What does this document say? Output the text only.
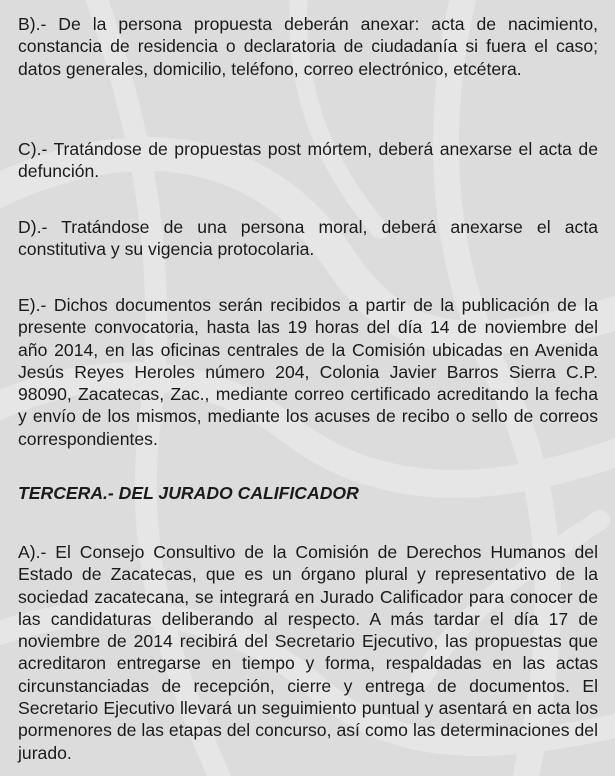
B).- De la persona propuesta deberán anexar: acta de nacimiento, constancia de residencia o declaratoria de ciudadanía si fuera el caso; datos generales, domicilio, teléfono, correo electrónico, etcétera.

C).- Tratándose de propuestas post mórtem, deberá anexarse el acta de defunción.

D).- Tratándose de una persona moral, deberá anexarse el acta constitutiva y su vigencia protocolaria.

E).- Dichos documentos serán recibidos a partir de la publicación de la presente convocatoria, hasta las 19 horas del día 14 de noviembre del año 2014, en las oficinas centrales de la Comisión ubicadas en Avenida Jesús Reyes Heroles número 204, Colonia Javier Barros Sierra C.P. 98090, Zacatecas, Zac., mediante correo certificado acreditando la fecha y envío de los mismos, mediante los acuses de recibo o sello de correos correspondientes.

TERCERA.- DEL JURADO CALIFICADOR

A).- El Consejo Consultivo de la Comisión de Derechos Humanos del Estado de Zacatecas, que es un órgano plural y representativo de la sociedad zacatecana, se integrará en Jurado Calificador para conocer de las candidaturas deliberando al respecto. A más tardar el día 17 de noviembre de 2014 recibirá del Secretario Ejecutivo, las propuestas que acreditaron entregarse en tiempo y forma, respaldadas en las actas circunstanciadas de recepción, cierre y entrega de documentos. El Secretario Ejecutivo llevará un seguimiento puntual y asentará en acta los pormenores de las etapas del concurso, así como las determinaciones del jurado.
